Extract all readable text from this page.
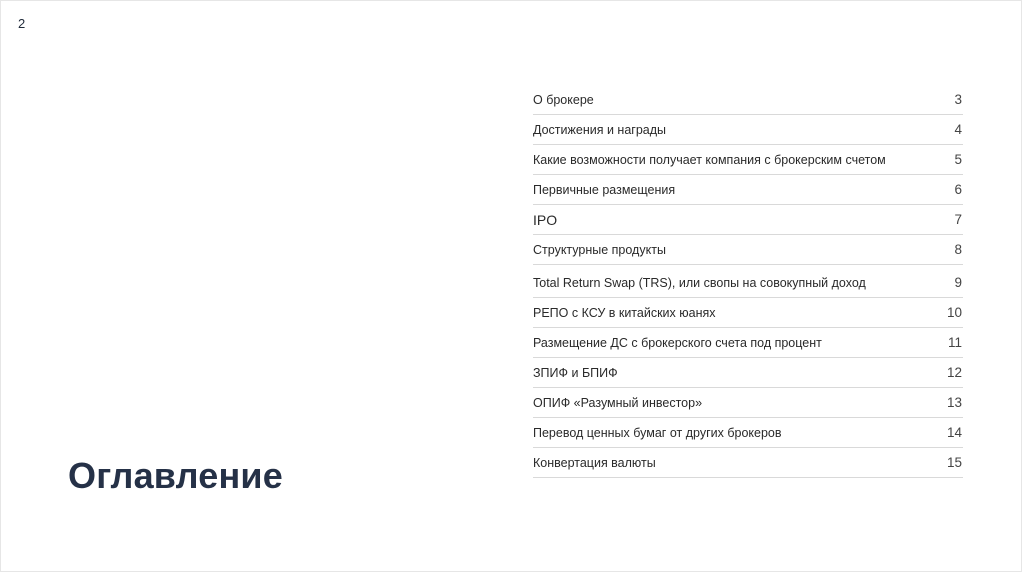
2
Оглавление
О брокере	3
Достижения и награды	4
Какие возможности получает компания с брокерским счетом	5
Первичные размещения	6
IPO	7
Структурные продукты	8
Total Return Swap (TRS), или свопы на совокупный доход	9
РЕПО с КСУ в китайских юанях	10
Размещение ДС с брокерского счета под процент	11
ЗПИФ и БПИФ	12
ОПИФ «Разумный инвестор»	13
Перевод ценных бумаг от других брокеров	14
Конвертация валюты	15
